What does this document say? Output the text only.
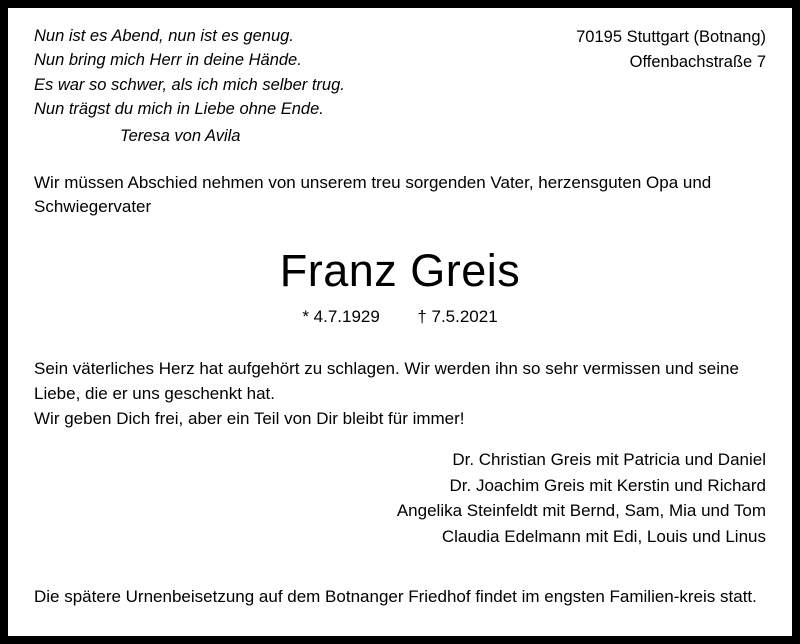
Nun ist es Abend, nun ist es genug.
Nun bring mich Herr in deine Hände.
Es war so schwer, als ich mich selber trug.
Nun trägst du mich in Liebe ohne Ende.
Teresa von Avila
70195 Stuttgart (Botnang)
Offenbachstraße 7
Wir müssen Abschied nehmen von unserem treu sorgenden Vater, herzensguten Opa und Schwiegervater
Franz Greis
* 4.7.1929 † 7.5.2021
Sein väterliches Herz hat aufgehört zu schlagen. Wir werden ihn so sehr vermissen und seine Liebe, die er uns geschenkt hat.
Wir geben Dich frei, aber ein Teil von Dir bleibt für immer!
Dr. Christian Greis mit Patricia und Daniel
Dr. Joachim Greis mit Kerstin und Richard
Angelika Steinfeldt mit Bernd, Sam, Mia und Tom
Claudia Edelmann mit Edi, Louis und Linus
Die spätere Urnenbeisetzung auf dem Botnanger Friedhof findet im engsten Familien-kreis statt.
